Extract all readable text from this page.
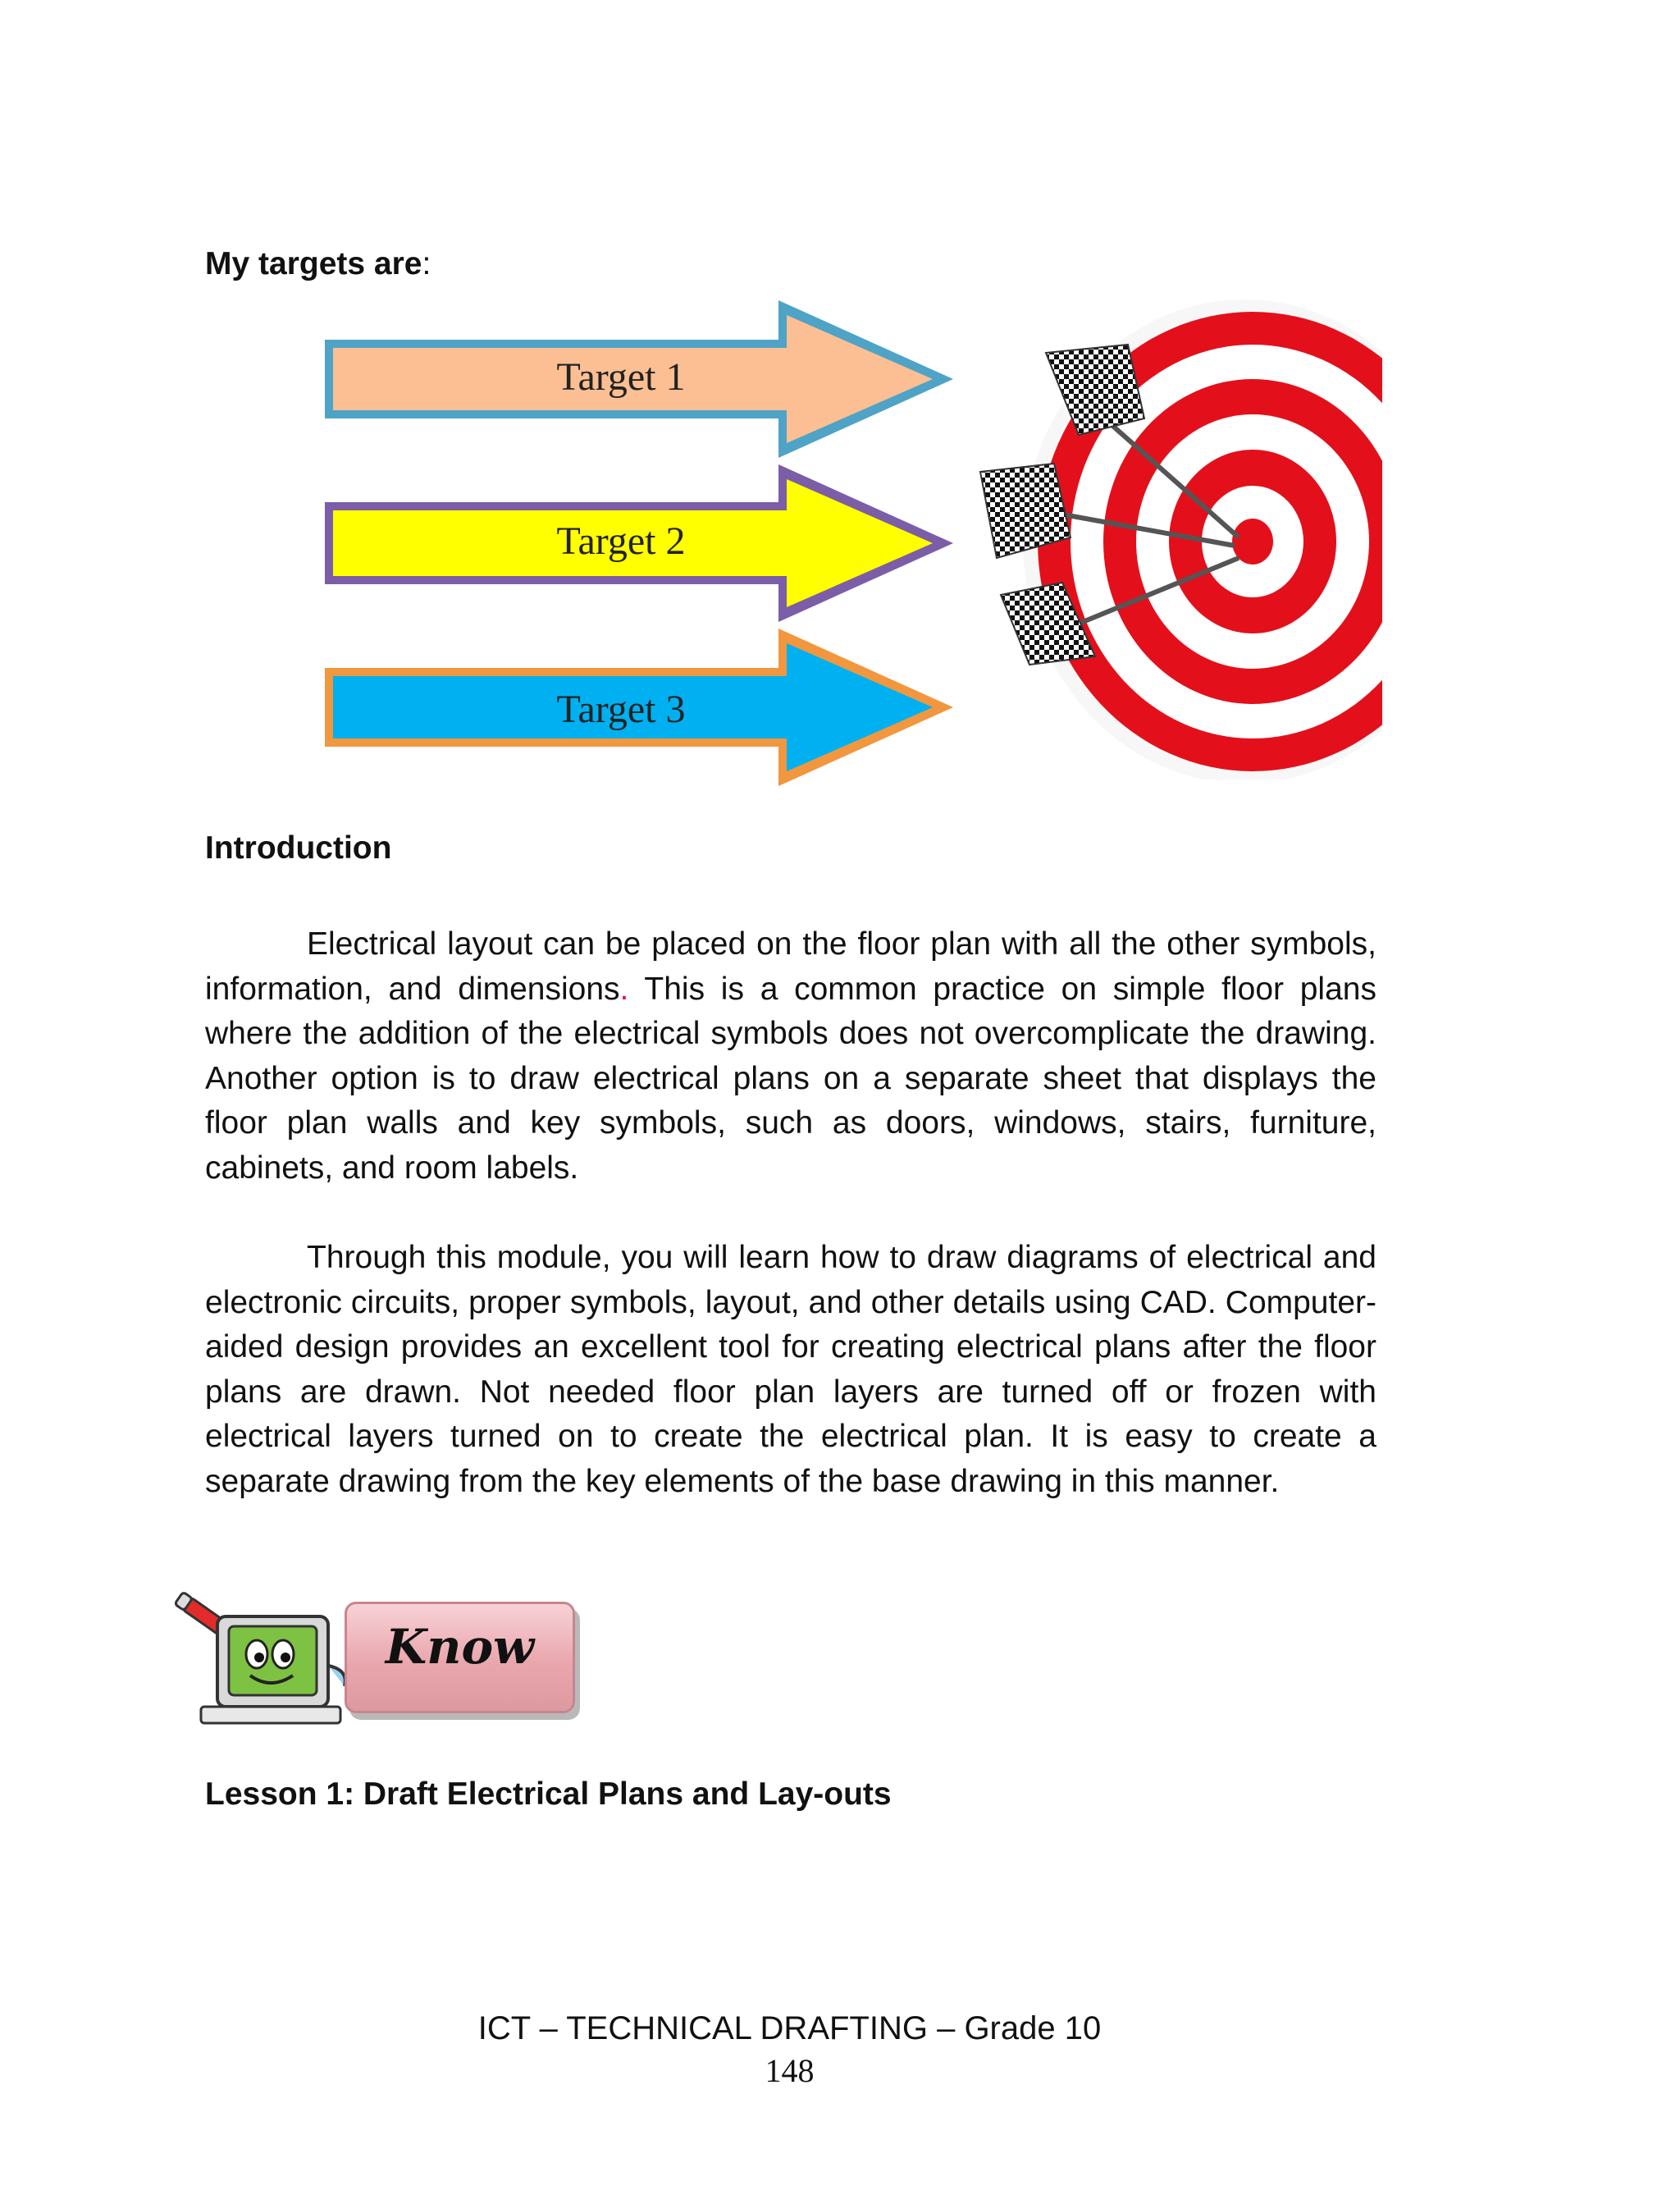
My targets are:
Target 1
Target 2
Target 3
Introduction

Electrical layout can be placed on the floor plan with all the other symbols, information, and dimensions. This is a common practice on simple floor plans where the addition of the electrical symbols does not overcomplicate the drawing. Another option is to draw electrical plans on a separate sheet that displays the floor plan walls and key symbols, such as doors, windows, stairs, furniture, cabinets, and room labels.

Through this module, you will learn how to draw diagrams of electrical and electronic circuits, proper symbols, layout, and other details using CAD. Computer-aided design provides an excellent tool for creating electrical plans after the floor plans are drawn. Not needed floor plan layers are turned off or frozen with electrical layers turned on to create the electrical plan. It is easy to create a separate drawing from the key elements of the base drawing in this manner.

Know
Lesson 1: Draft Electrical Plans and Lay-outs
ICT – TECHNICAL DRAFTING – Grade 10
148
